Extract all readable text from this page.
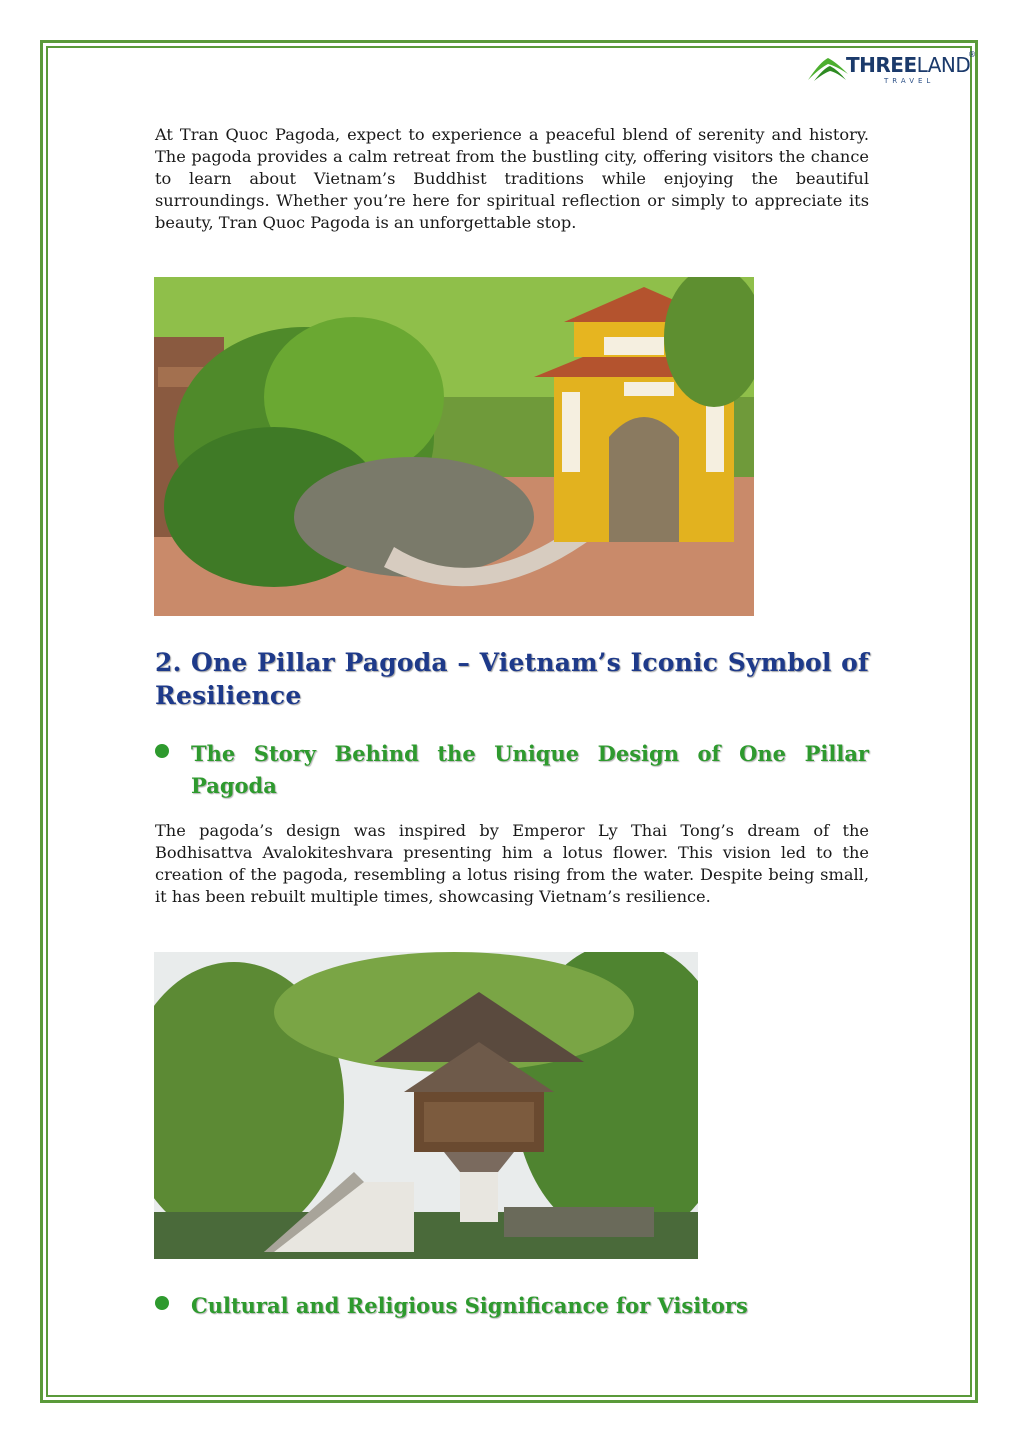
THREELAND
®
TRAVEL

At Tran Quoc Pagoda, expect to experience a peaceful blend of serenity and history. The pagoda provides a calm retreat from the bustling city, offering visitors the chance to learn about Vietnam’s Buddhist traditions while enjoying the beautiful surroundings. Whether you’re here for spiritual reflection or simply to appreciate its beauty, Tran Quoc Pagoda is an unforgettable stop.

2. One Pillar Pagoda – Vietnam’s Iconic Symbol of Resilience
The Story Behind the Unique Design of One Pillar Pagoda

The pagoda’s design was inspired by Emperor Ly Thai Tong’s dream of the Bodhisattva Avalokiteshvara presenting him a lotus flower. This vision led to the creation of the pagoda, resembling a lotus rising from the water. Despite being small, it has been rebuilt multiple times, showcasing Vietnam’s resilience.

Cultural and Religious Significance for Visitors
